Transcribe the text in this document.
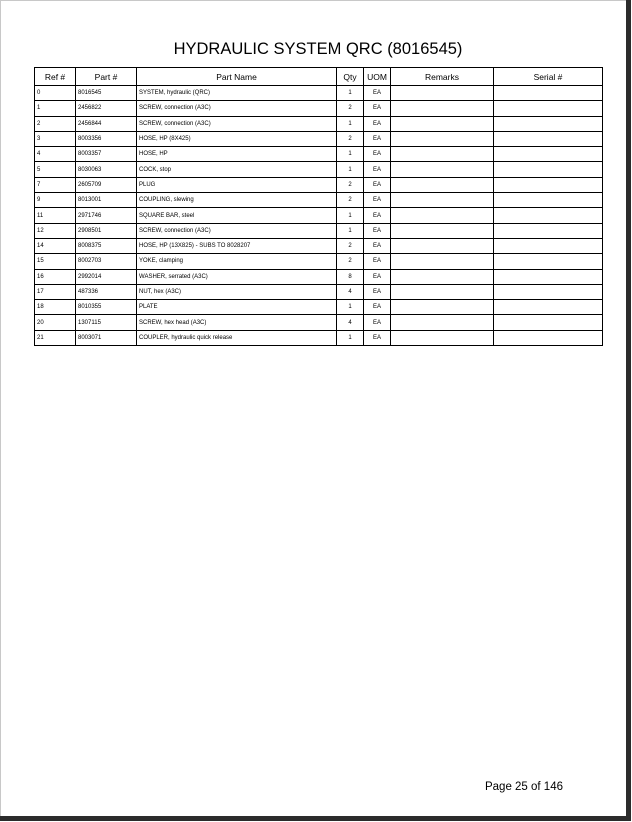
HYDRAULIC SYSTEM QRC (8016545)
Ref #	Part #	Part Name	Qty	UOM	Remarks	Serial #
0	8016545	SYSTEM, hydraulic (QRC)	1	EA		
1	2456822	SCREW, connection (A3C)	2	EA		
2	2456844	SCREW, connection (A3C)	1	EA		
3	8003356	HOSE, HP (8X425)	2	EA		
4	8003357	HOSE, HP	1	EA		
5	8030063	COCK, stop	1	EA		
7	2605709	PLUG	2	EA		
9	8013001	COUPLING, slewing	2	EA		
11	2971746	SQUARE BAR, steel	1	EA		
12	2908501	SCREW, connection (A3C)	1	EA		
14	8008375	HOSE, HP (13X825) - SUBS TO 8028207	2	EA		
15	8002703	YOKE, clamping	2	EA		
16	2992014	WASHER, serrated (A3C)	8	EA		
17	487336	NUT, hex (A3C)	4	EA		
18	8010355	PLATE	1	EA		
20	1307115	SCREW, hex head (A3C)	4	EA		
21	8003071	COUPLER, hydraulic quick release	1	EA		
Page 25 of 146
